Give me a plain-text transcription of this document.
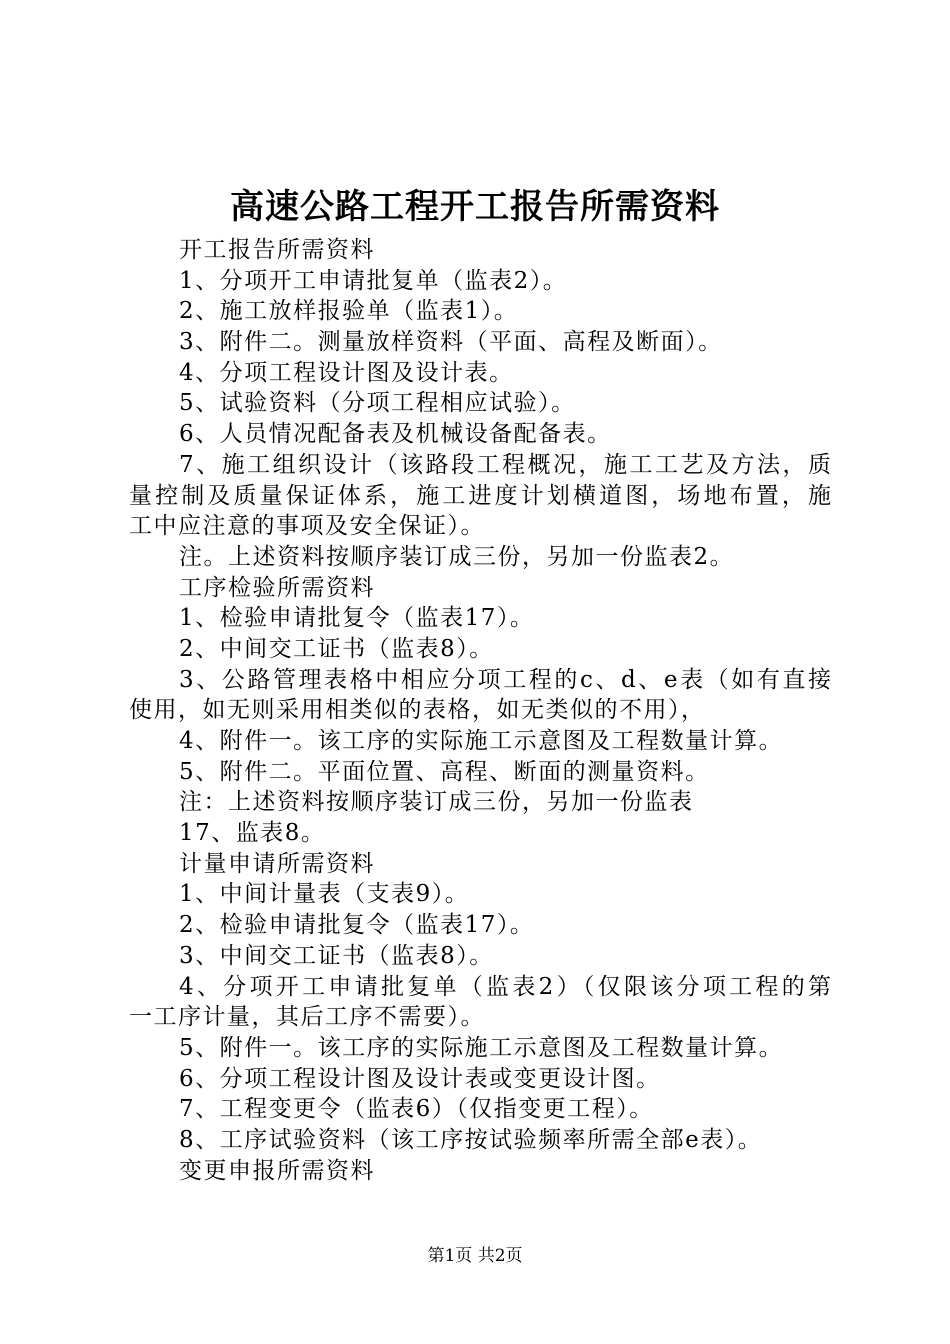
高速公路工程开工报告所需资料
开工报告所需资料
1、分项开工申请批复单（监表2）。
2、施工放样报验单（监表1）。
3、附件二。测量放样资料（平面、高程及断面）。
4、分项工程设计图及设计表。
5、试验资料（分项工程相应试验）。
6、人员情况配备表及机械设备配备表。
7、施工组织设计（该路段工程概况，施工工艺及方法，质
量控制及质量保证体系，施工进度计划横道图，场地布置，施
工中应注意的事项及安全保证）。
注。上述资料按顺序装订成三份，另加一份监表2。
工序检验所需资料
1、检验申请批复令（监表17）。
2、中间交工证书（监表8）。
3、公路管理表格中相应分项工程的c、d、e表（如有直接
使用，如无则采用相类似的表格，如无类似的不用），
4、附件一。该工序的实际施工示意图及工程数量计算。
5、附件二。平面位置、高程、断面的测量资料。
注：上述资料按顺序装订成三份，另加一份监表
17、监表8。
计量申请所需资料
1、中间计量表（支表9）。
2、检验申请批复令（监表17）。
3、中间交工证书（监表8）。
4、分项开工申请批复单（监表2）（仅限该分项工程的第
一工序计量，其后工序不需要）。
5、附件一。该工序的实际施工示意图及工程数量计算。
6、分项工程设计图及设计表或变更设计图。
7、工程变更令（监表6）（仅指变更工程）。
8、工序试验资料（该工序按试验频率所需全部e表）。
变更申报所需资料
第1页 共2页
